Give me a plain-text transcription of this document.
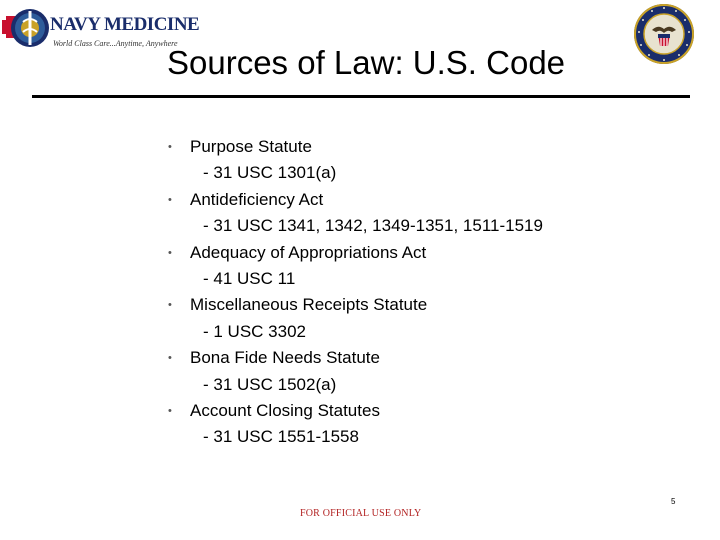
NAVY MEDICINE
World Class Care...Anytime, Anywhere
Sources of Law: U.S. Code
• Purpose Statute
- 31 USC 1301(a)
• Antideficiency Act
- 31 USC 1341, 1342, 1349-1351, 1511-1519
• Adequacy of Appropriations Act
- 41 USC 11
• Miscellaneous Receipts Statute
- 1 USC 3302
• Bona Fide Needs Statute
- 31 USC 1502(a)
• Account Closing Statutes
- 31 USC 1551-1558
FOR OFFICIAL USE ONLY
5
